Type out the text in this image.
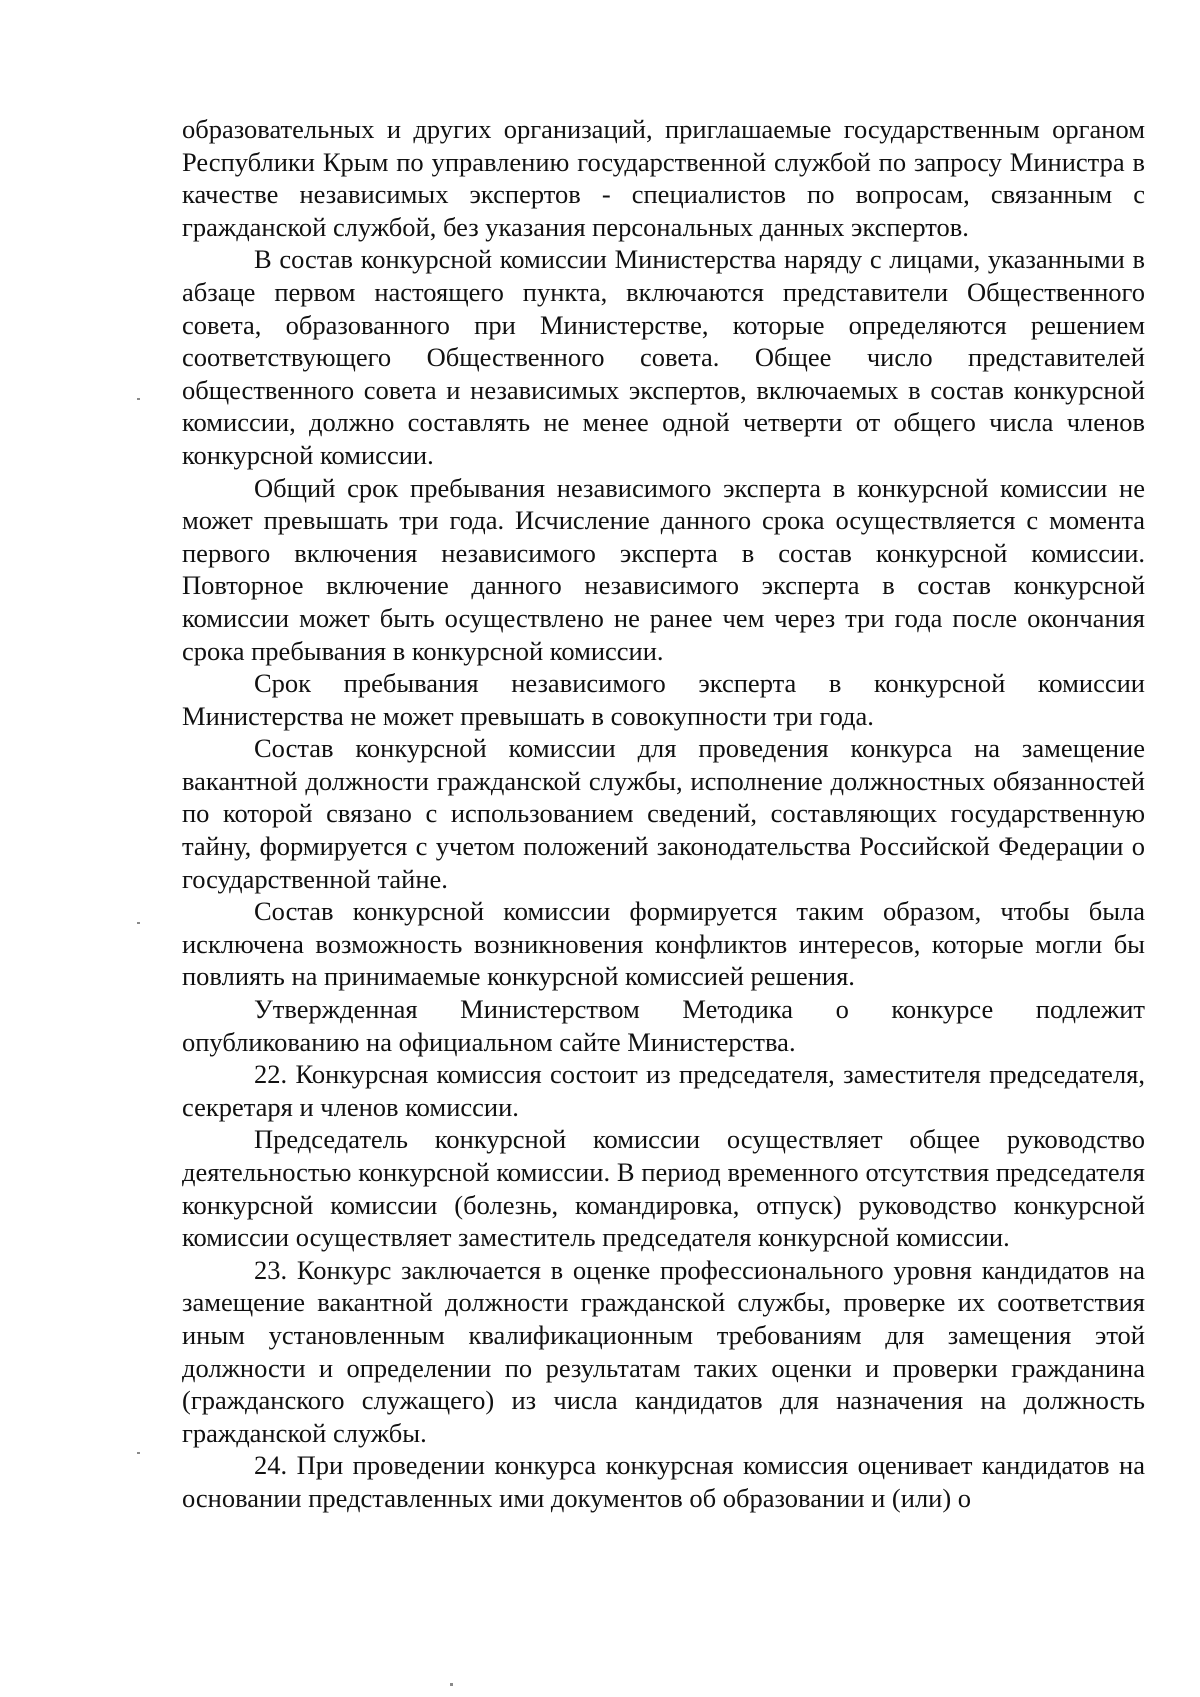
образовательных и других организаций, приглашаемые государственным органом Республики Крым по управлению государственной службой по запросу Министра в качестве независимых экспертов - специалистов по вопросам, связанным с гражданской службой, без указания персональных данных экспертов.

В состав конкурсной комиссии Министерства наряду с лицами, указанными в абзаце первом настоящего пункта, включаются представители Общественного совета, образованного при Министерстве, которые определяются решением соответствующего Общественного совета. Общее число представителей общественного совета и независимых экспертов, включаемых в состав конкурсной комиссии, должно составлять не менее одной четверти от общего числа членов конкурсной комиссии.

Общий срок пребывания независимого эксперта в конкурсной комиссии не может превышать три года. Исчисление данного срока осуществляется с момента первого включения независимого эксперта в состав конкурсной комиссии. Повторное включение данного независимого эксперта в состав конкурсной комиссии может быть осуществлено не ранее чем через три года после окончания срока пребывания в конкурсной комиссии.

Срок пребывания независимого эксперта в конкурсной комиссии Министерства не может превышать в совокупности три года.

Состав конкурсной комиссии для проведения конкурса на замещение вакантной должности гражданской службы, исполнение должностных обязанностей по которой связано с использованием сведений, составляющих государственную тайну, формируется с учетом положений законодательства Российской Федерации о государственной тайне.

Состав конкурсной комиссии формируется таким образом, чтобы была исключена возможность возникновения конфликтов интересов, которые могли бы повлиять на принимаемые конкурсной комиссией решения.

Утвержденная Министерством Методика о конкурсе подлежит опубликованию на официальном сайте Министерства.

22. Конкурсная комиссия состоит из председателя, заместителя председателя, секретаря и членов комиссии.

Председатель конкурсной комиссии осуществляет общее руководство деятельностью конкурсной комиссии. В период временного отсутствия председателя конкурсной комиссии (болезнь, командировка, отпуск) руководство конкурсной комиссии осуществляет заместитель председателя конкурсной комиссии.

23. Конкурс заключается в оценке профессионального уровня кандидатов на замещение вакантной должности гражданской службы, проверке их соответствия иным установленным квалификационным требованиям для замещения этой должности и определении по результатам таких оценки и проверки гражданина (гражданского служащего) из числа кандидатов для назначения на должность гражданской службы.

24. При проведении конкурса конкурсная комиссия оценивает кандидатов на основании представленных ими документов об образовании и (или) о
